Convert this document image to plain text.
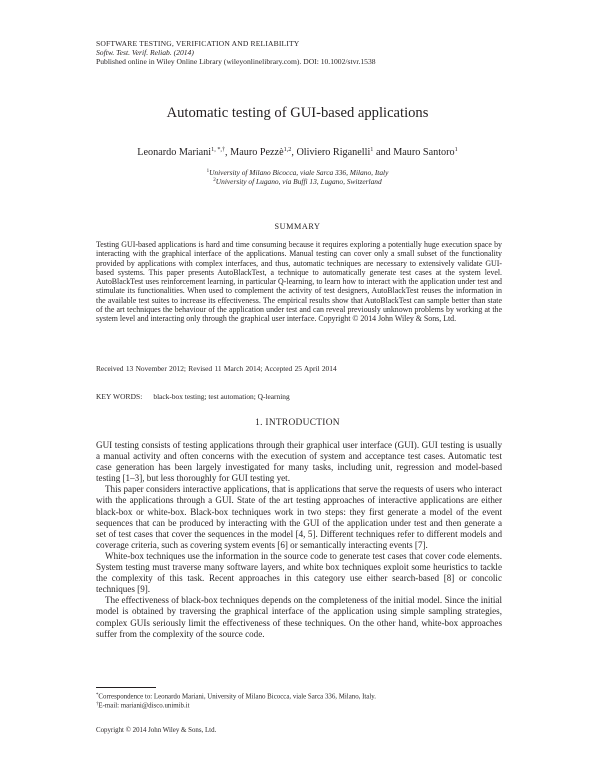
SOFTWARE TESTING, VERIFICATION AND RELIABILITY
Softw. Test. Verif. Reliab. (2014)
Published online in Wiley Online Library (wileyonlinelibrary.com). DOI: 10.1002/stvr.1538
Automatic testing of GUI-based applications
Leonardo Mariani$^{1, *,\dagger}$, Mauro Pezzè$^{1,2}$, Oliviero Riganelli$^1$ and Mauro Santoro$^1$
$^1$University of Milano Bicocca, viale Sarca 336, Milano, Italy
$^2$University of Lugano, via Buffi 13, Lugano, Switzerland
SUMMARY

Testing GUI-based applications is hard and time consuming because it requires exploring a potentially huge execution space by interacting with the graphical interface of the applications. Manual testing can cover only a small subset of the functionality provided by applications with complex interfaces, and thus, automatic techniques are necessary to extensively validate GUI-based systems. This paper presents AutoBlackTest, a technique to automatically generate test cases at the system level. AutoBlackTest uses reinforcement learning, in particular Q-learning, to learn how to interact with the application under test and stimulate its functionalities. When used to complement the activity of test designers, AutoBlackTest reuses the information in the available test suites to increase its effectiveness. The empirical results show that AutoBlackTest can sample better than state of the art techniques the behaviour of the application under test and can reveal previously unknown problems by working at the system level and interacting only through the graphical user interface. Copyright © 2014 John Wiley & Sons, Ltd.

Received 13 November 2012; Revised 11 March 2014; Accepted 25 April 2014
KEY WORDS: black-box testing; test automation; Q-learning
1. INTRODUCTION

GUI testing consists of testing applications through their graphical user interface (GUI). GUI testing is usually a manual activity and often concerns with the execution of system and acceptance test cases. Automatic test case generation has been largely investigated for many tasks, including unit, regression and model-based testing [1–3], but less thoroughly for GUI testing yet.

This paper considers interactive applications, that is applications that serve the requests of users who interact with the applications through a GUI. State of the art testing approaches of interactive applications are either black-box or white-box. Black-box techniques work in two steps: they first generate a model of the event sequences that can be produced by interacting with the GUI of the application under test and then generate a set of test cases that cover the sequences in the model [4, 5]. Different techniques refer to different models and coverage criteria, such as covering system events [6] or semantically interacting events [7].

White-box techniques use the information in the source code to generate test cases that cover code elements. System testing must traverse many software layers, and white box techniques exploit some heuristics to tackle the complexity of this task. Recent approaches in this category use either search-based [8] or concolic techniques [9].

The effectiveness of black-box techniques depends on the completeness of the initial model. Since the initial model is obtained by traversing the graphical interface of the application using simple sampling strategies, complex GUIs seriously limit the effectiveness of these techniques. On the other hand, white-box approaches suffer from the complexity of the source code.

*Correspondence to: Leonardo Mariani, University of Milano Bicocca, viale Sarca 336, Milano, Italy.
†E-mail: mariani@disco.unimib.it
Copyright © 2014 John Wiley & Sons, Ltd.
